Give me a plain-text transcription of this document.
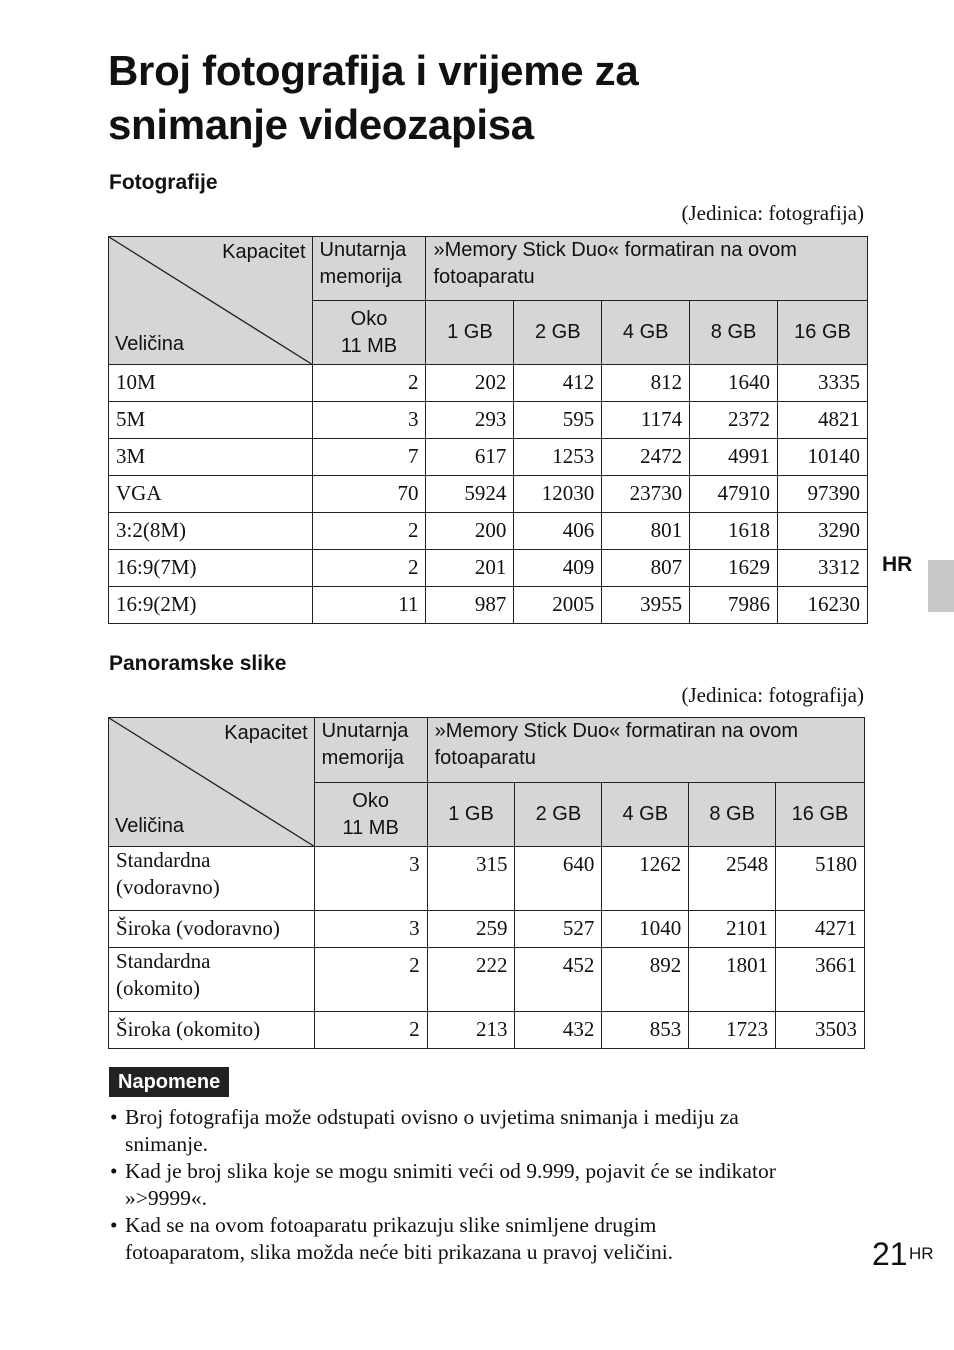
Broj fotografija i vrijeme za
snimanje videozapisa
Fotografije
(Jedinica: fotografija)
Kapacitet
Veličina	Unutarnja
memorija	»Memory Stick Duo« formatiran na ovom
fotoaparatu				
	Oko
11 MB	1 GB	2 GB	4 GB	8 GB	16 GB
10M	2	202	412	812	1640	3335
5M	3	293	595	1174	2372	4821
3M	7	617	1253	2472	4991	10140
VGA	70	5924	12030	23730	47910	97390
3:2(8M)	2	200	406	801	1618	3290
16:9(7M)	2	201	409	807	1629	3312
16:9(2M)	11	987	2005	3955	7986	16230
HR
Panoramske slike
(Jedinica: fotografija)
Kapacitet
Veličina	Unutarnja
memorija	»Memory Stick Duo« formatiran na ovom
fotoaparatu				
	Oko
11 MB	1 GB	2 GB	4 GB	8 GB	16 GB
Standardna
(vodoravno)	3	315	640	1262	2548	5180
Široka (vodoravno)	3	259	527	1040	2101	4271
Standardna
(okomito)	2	222	452	892	1801	3661
Široka (okomito)	2	213	432	853	1723	3503
Napomene
• Broj fotografija može odstupati ovisno o uvjetima snimanja i mediju za
snimanje.
• Kad je broj slika koje se mogu snimiti veći od 9.999, pojavit će se indikator
»>9999«.
• Kad se na ovom fotoaparatu prikazuju slike snimljene drugim
fotoaparatom, slika možda neće biti prikazana u pravoj veličini.	21 HR
